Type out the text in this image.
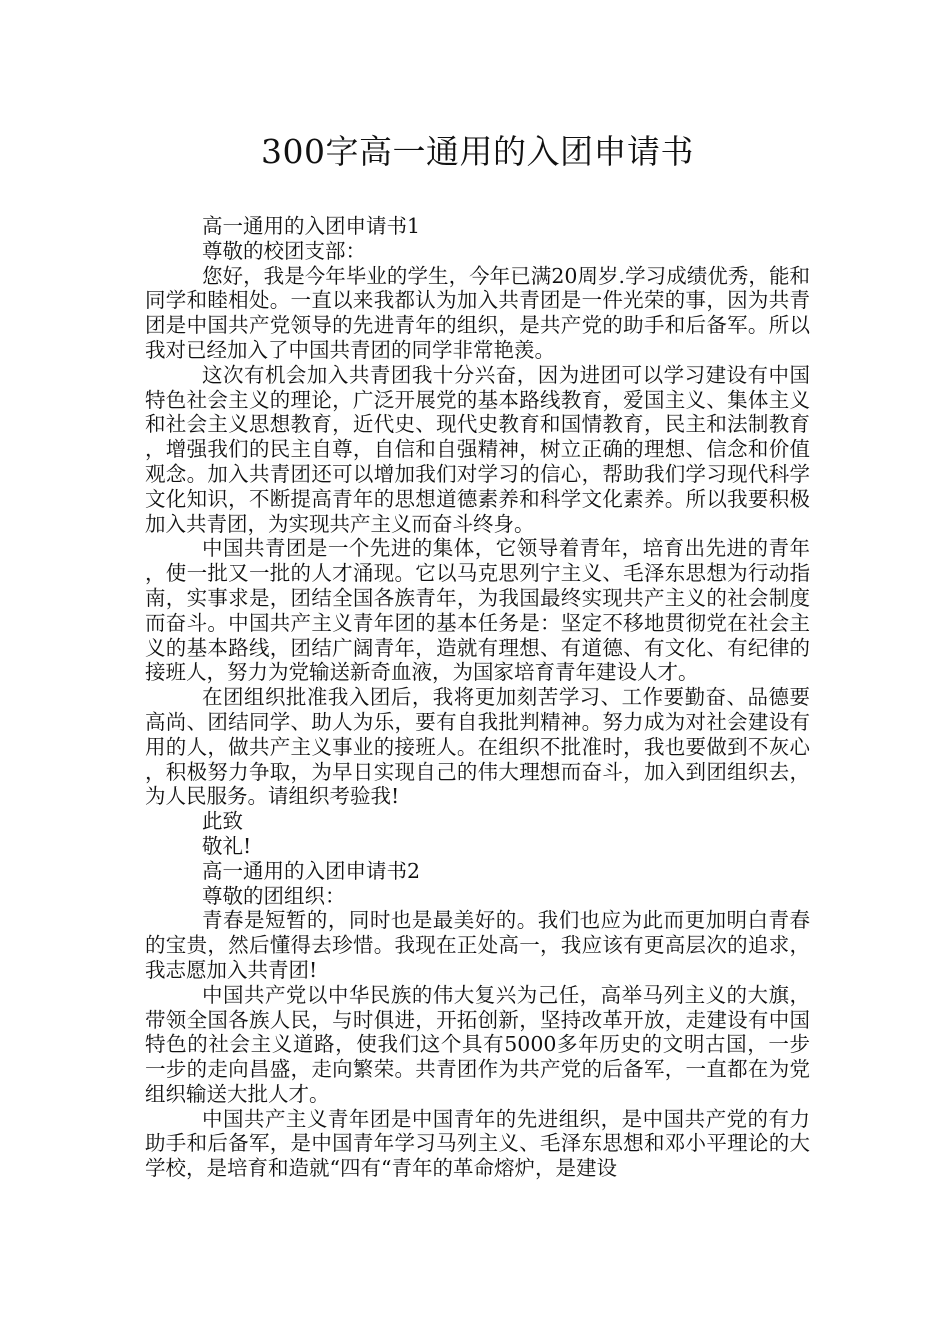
300字高一通用的入团申请书

高一通用的入团申请书1

尊敬的校团支部：

您好，我是今年毕业的学生，今年已满20周岁.学习成绩优秀，能和同学和睦相处。一直以来我都认为加入共青团是一件光荣的事，因为共青团是中国共产党领导的先进青年的组织，是共产党的助手和后备军。所以我对已经加入了中国共青团的同学非常艳羡。

这次有机会加入共青团我十分兴奋，因为进团可以学习建设有中国特色社会主义的理论，广泛开展党的基本路线教育，爱国主义、集体主义和社会主义思想教育，近代史、现代史教育和国情教育，民主和法制教育，增强我们的民主自尊，自信和自强精神，树立正确的理想、信念和价值观念。加入共青团还可以增加我们对学习的信心，帮助我们学习现代科学文化知识，不断提高青年的思想道德素养和科学文化素养。所以我要积极加入共青团，为实现共产主义而奋斗终身。

中国共青团是一个先进的集体，它领导着青年，培育出先进的青年，使一批又一批的人才涌现。它以马克思列宁主义、毛泽东思想为行动指南，实事求是，团结全国各族青年，为我国最终实现共产主义的社会制度而奋斗。中国共产主义青年团的基本任务是：坚定不移地贯彻党在社会主义的基本路线，团结广阔青年，造就有理想、有道德、有文化、有纪律的接班人，努力为党输送新奇血液，为国家培育青年建设人才。

在团组织批准我入团后，我将更加刻苦学习、工作要勤奋、品德要高尚、团结同学、助人为乐，要有自我批判精神。努力成为对社会建设有用的人，做共产主义事业的接班人。在组织不批准时，我也要做到不灰心，积极努力争取，为早日实现自己的伟大理想而奋斗，加入到团组织去，为人民服务。请组织考验我!

此致

敬礼!

高一通用的入团申请书2

尊敬的团组织：

青春是短暂的，同时也是最美好的。我们也应为此而更加明白青春的宝贵，然后懂得去珍惜。我现在正处高一，我应该有更高层次的追求，我志愿加入共青团!

中国共产党以中华民族的伟大复兴为己任，高举马列主义的大旗，带领全国各族人民，与时俱进，开拓创新，坚持改革开放，走建设有中国特色的社会主义道路，使我们这个具有5000多年历史的文明古国，一步一步的走向昌盛，走向繁荣。共青团作为共产党的后备军，一直都在为党组织输送大批人才。

中国共产主义青年团是中国青年的先进组织，是中国共产党的有力助手和后备军，是中国青年学习马列主义、毛泽东思想和邓小平理论的大学校，是培育和造就“四有“青年的革命熔炉，是建设
